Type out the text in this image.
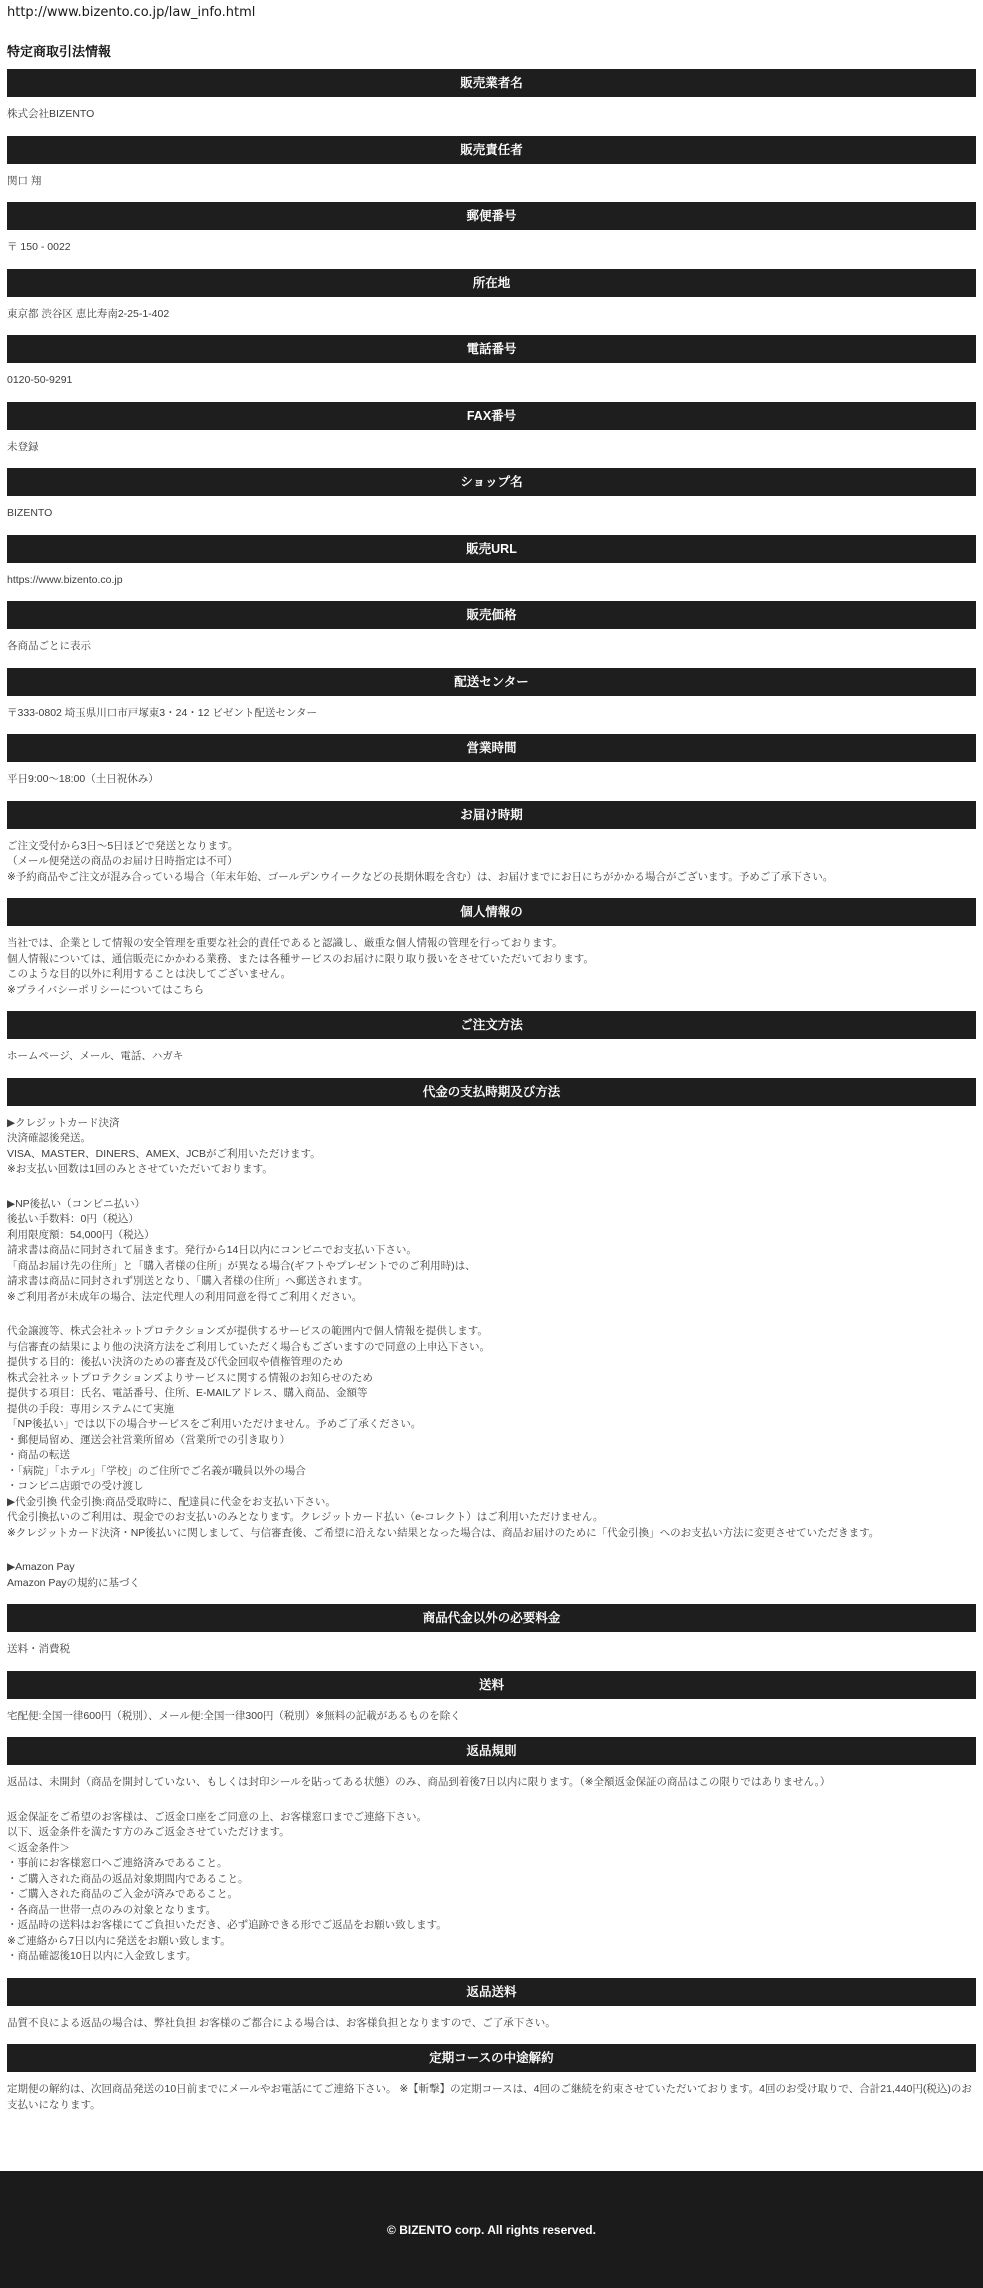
http://www.bizento.co.jp/law_info.html
特定商取引法情報
販売業者名
株式会社BIZENTO
販売責任者
関口 翔
郵便番号
〒 150 - 0022
所在地
東京都 渋谷区 恵比寿南2-25-1-402
電話番号
0120-50-9291
FAX番号
未登録
ショップ名
BIZENTO
販売URL
https://www.bizento.co.jp
販売価格
各商品ごとに表示
配送センター
〒333-0802 埼玉県川口市戸塚東3・24・12 ビゼント配送センター
営業時間
平日9:00〜18:00（土日祝休み）
お届け時期
ご注文受付から3日～5日ほどで発送となります。
（メール便発送の商品のお届け日時指定は不可）
※予約商品やご注文が混み合っている場合（年末年始、ゴールデンウイークなどの長期休暇を含む）は、お届けまでにお日にちがかかる場合がございます。予めご了承下さい。
個人情報の
当社では、企業として情報の安全管理を重要な社会的責任であると認識し、厳重な個人情報の管理を行っております。
個人情報については、通信販売にかかわる業務、または各種サービスのお届けに限り取り扱いをさせていただいております。
このような目的以外に利用することは決してございません。
※プライバシーポリシーについてはこちら
ご注文方法
ホームページ、メール、電話、ハガキ
代金の支払時期及び方法
▶クレジットカード決済
決済確認後発送。
VISA、MASTER、DINERS、AMEX、JCBがご利用いただけます。
※お支払い回数は1回のみとさせていただいております。
▶NP後払い（コンビニ払い）
後払い手数料：0円（税込）
利用限度額：54,000円（税込）
請求書は商品に同封されて届きます。発行から14日以内にコンビニでお支払い下さい。
「商品お届け先の住所」と「購入者様の住所」が異なる場合(ギフトやプレゼントでのご利用時)は、
請求書は商品に同封されず別送となり、「購入者様の住所」へ郵送されます。
※ご利用者が未成年の場合、法定代理人の利用同意を得てご利用ください。
代金譲渡等、株式会社ネットプロテクションズが提供するサービスの範囲内で個人情報を提供します。
与信審査の結果により他の決済方法をご利用していただく場合もございますので同意の上申込下さい。
提供する目的：後払い決済のための審査及び代金回収や債権管理のため
株式会社ネットプロテクションズよりサービスに関する情報のお知らせのため
提供する項目：氏名、電話番号、住所、E-MAILアドレス、購入商品、金額等
提供の手段：専用システムにて実施
「NP後払い」では以下の場合サービスをご利用いただけません。予めご了承ください。
・郵便局留め、運送会社営業所留め（営業所での引き取り）
・商品の転送
・「病院」「ホテル」「学校」のご住所でご名義が職員以外の場合
・コンビニ店頭での受け渡し
▶代金引換 代金引換:商品受取時に、配達員に代金をお支払い下さい。
代金引換払いのご利用は、現金でのお支払いのみとなります。クレジットカード払い（e-コレクト）はご利用いただけません。
※クレジットカード決済・NP後払いに関しまして、与信審査後、ご希望に沿えない結果となった場合は、商品お届けのために「代金引換」へのお支払い方法に変更させていただきます。
▶Amazon Pay
Amazon Payの規約に基づく
商品代金以外の必要料金
送料・消費税
送料
宅配便:全国一律600円（税別）、メール便:全国一律300円（税別）※無料の記載があるものを除く
返品規則
返品は、未開封（商品を開封していない、もしくは封印シールを貼ってある状態）のみ、商品到着後7日以内に限ります。（※全額返金保証の商品はこの限りではありません。）
返金保証をご希望のお客様は、ご返金口座をご同意の上、お客様窓口までご連絡下さい。
以下、返金条件を満たす方のみご返金させていただけます。
＜返金条件＞
・事前にお客様窓口へご連絡済みであること。
・ご購入された商品の返品対象期間内であること。
・ご購入された商品のご入金が済みであること。
・各商品一世帯一点のみの対象となります。
・返品時の送料はお客様にてご負担いただき、必ず追跡できる形でご返品をお願い致します。
※ご連絡から7日以内に発送をお願い致します。
・商品確認後10日以内に入金致します。
返品送料
品質不良による返品の場合は、弊社負担 お客様のご都合による場合は、お客様負担となりますので、ご了承下さい。
定期コースの中途解約
定期便の解約は、次回商品発送の10日前までにメールやお電話にてご連絡下さい。 ※【斬撃】の定期コースは、4回のご継続を約束させていただいております。4回のお受け取りで、合計21,440円(税込)のお支払いになります。
© BIZENTO corp. All rights reserved.
